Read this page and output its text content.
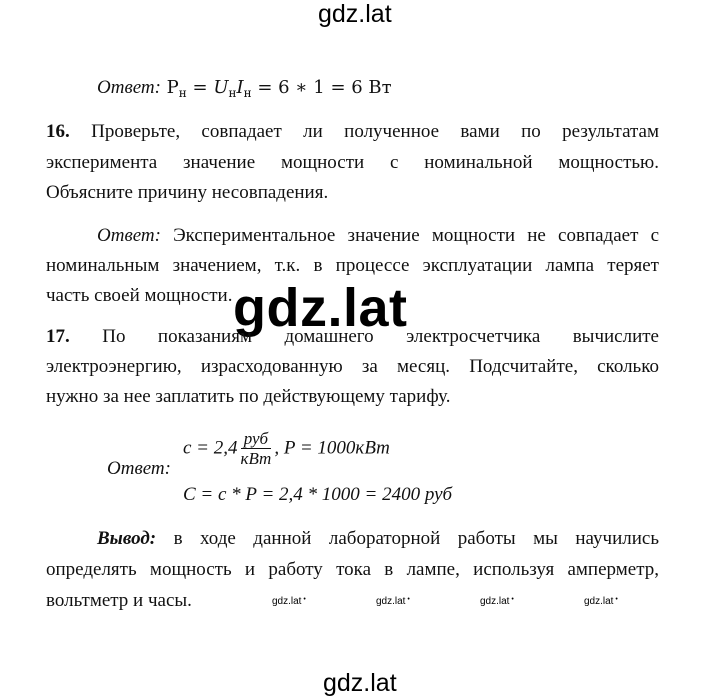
gdz.lat
Ответ: $P_н = U_нI_н = 6$ ∗ 1 = 6 Вт
16. Проверьте, совпадает ли полученное вами по результатам
эксперимента значение мощности с номинальной мощностью.
Объясните причину несовпадения.
Ответ: Экспериментальное значение мощности не совпадает с
номинальным значением, т.к. в процессе эксплуатации лампа теряет
часть своей мощности. gdz.lat
17. По показаниям домашнего электросчетчика вычислите
электроэнергию, израсходованную за месяц. Подсчитайте, сколько
нужно за нее заплатить по действующему тарифу.
Ответ:
$c = 2,4 \frac{\text{руб}}{\text{кВт}}$ , P = 1000кВт
C = c * P = 2,4 * 1000 = 2400 руб
Вывод: в ходе данной лабораторной работы мы научились
определять мощность и работу тока в лампе, используя амперметр,
вольтметр и часы.	gdz.lat •	gdz.lat •	gdz.lat •	gdz.lat •
gdz.lat
